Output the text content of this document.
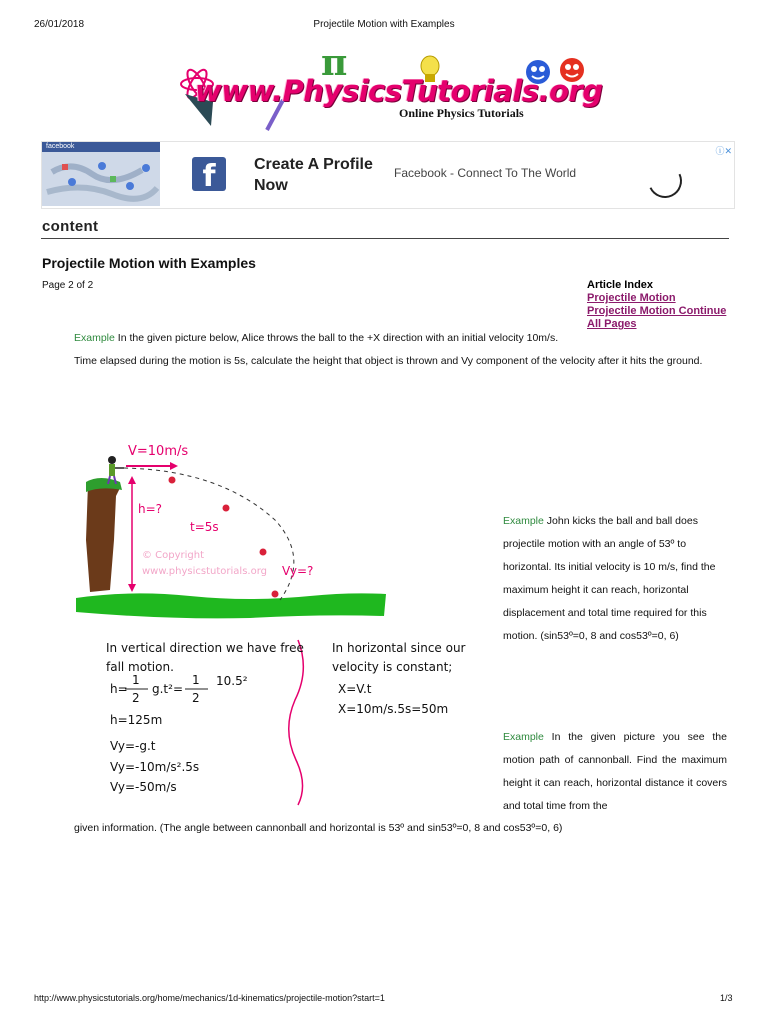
26/01/2018	Projectile Motion with Examples
π
www.PhysicsTutorials.org
Online Physics Tutorials
facebook
f	Create A Profile Now
Facebook - Connect To The World
ⓘ✕
content
Projectile Motion with Examples
Page 2 of 2	Article Index
Projectile Motion
Projectile Motion Continue
All Pages
Example In the given picture below, Alice throws the ball to the +X direction with an initial velocity 10m/s.
Time elapsed during the motion is 5s, calculate the height that object is thrown and Vy component of the velocity after it hits the ground.
V=10m/s
h=?
t=5s
Vy=?
© Copyright
www.physicstutorials.org
In vertical direction we have free
fall motion.
h=
1
2
g.t²=
1
2
10.5²
h=125m
Vy=-g.t
Vy=-10m/s².5s
Vy=-50m/s
In horizontal since our
velocity is constant;
X=V.t
X=10m/s.5s=50m
Example John kicks the ball and ball does projectile motion with an angle of 53º to horizontal. Its initial velocity is 10 m/s, find the maximum height it can reach, horizontal displacement and total time required for this motion. (sin53º=0, 8 and cos53º=0, 6)
Example In the given picture you see the motion path of cannonball. Find the maximum height it can reach, horizontal distance it covers and total time from the
given information. (The angle between cannonball and horizontal is 53º and sin53º=0, 8 and cos53º=0, 6)
http://www.physicstutorials.org/home/mechanics/1d-kinematics/projectile-motion?start=1	1/3
